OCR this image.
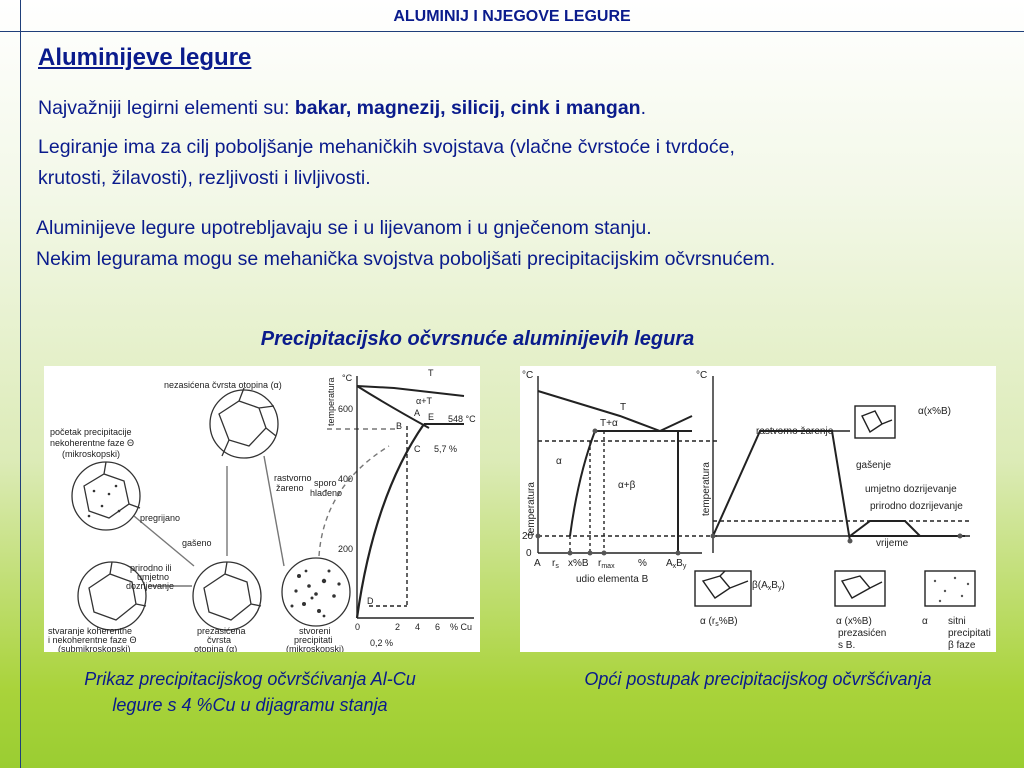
ALUMINIJ I NJEGOVE LEGURE
Aluminijeve legure
Najvažniji legirni elementi su: bakar, magnezij, silicij, cink i mangan.
Legiranje ima za cilj poboljšanje mehaničkih svojstava (vlačne čvrstoće i tvrdoće,
krutosti, žilavosti), rezljivosti i livljivosti.
Aluminijeve legure upotrebljavaju se i u lijevanom i u gnječenom stanju.
Nekim legurama mogu se mehanička svojstva poboljšati precipitacijskim očvrsnućem.
Precipitacijsko očvrsnuće aluminijevih legura
početak precipitacije
nekoherentne faze Θ
(mikroskopski)
nezasićena čvrsta otopina (α)
gašeno
pregrijano
rastvorno
žareno sporo
hlađeno
prirodno ili
umjetno
dozrijevanje
stvaranje koherentne
i nekoherentne faze Θ
(submikroskopski)
prezasićena
čvrsta
otopina (α)
stvoreni
precipitati
(mikroskopski)
°C
temperatura 600
400
200
0	2 4 6 % Cu
T
α+T
A E 548 °C
B
C 5,7 %
D
0,2 %
°C	°C
T
T+α
α
α+β
temperatura	temperatura
20
0
A $r_s$ x%B $r_{max}$ % $A_xB_y$
udio elementa B
$\beta(A_xB_y)$
α $(r_s\%B)$
α(x%B)
rastvorno žarenje
gašenje
umjetno dozrijevanje
prirodno dozrijevanje
vrijeme
α (x%B)
prezasićen
s B.
α sitni
precipitati
β faze
Prikaz precipitacijskog očvršćivanja Al-Cu
legure s 4 %Cu u dijagramu stanja
Opći postupak precipitacijskog očvršćivanja
